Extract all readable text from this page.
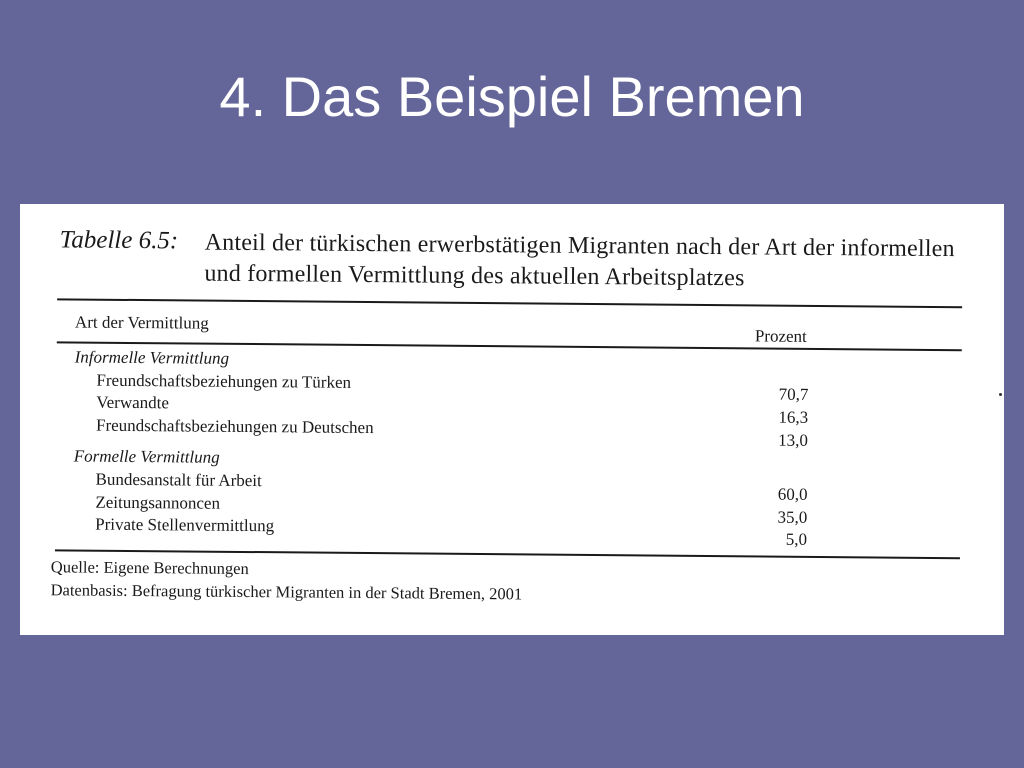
4. Das Beispiel Bremen
Tabelle 6.5: Anteil der türkischen erwerbstätigen Migranten nach der Art der informellen und formellen Vermittlung des aktuellen Arbeitsplatzes
Art der Vermittlung
Prozent
Informelle Vermittlung
Freundschaftsbeziehungen zu Türken
Verwandte
Freundschaftsbeziehungen zu Deutschen
70,7
16,3
13,0
Formelle Vermittlung
Bundesanstalt für Arbeit
Zeitungsannoncen
Private Stellenvermittlung
60,0
35,0
5,0
Quelle: Eigene Berechnungen
Datenbasis: Befragung türkischer Migranten in der Stadt Bremen, 2001
